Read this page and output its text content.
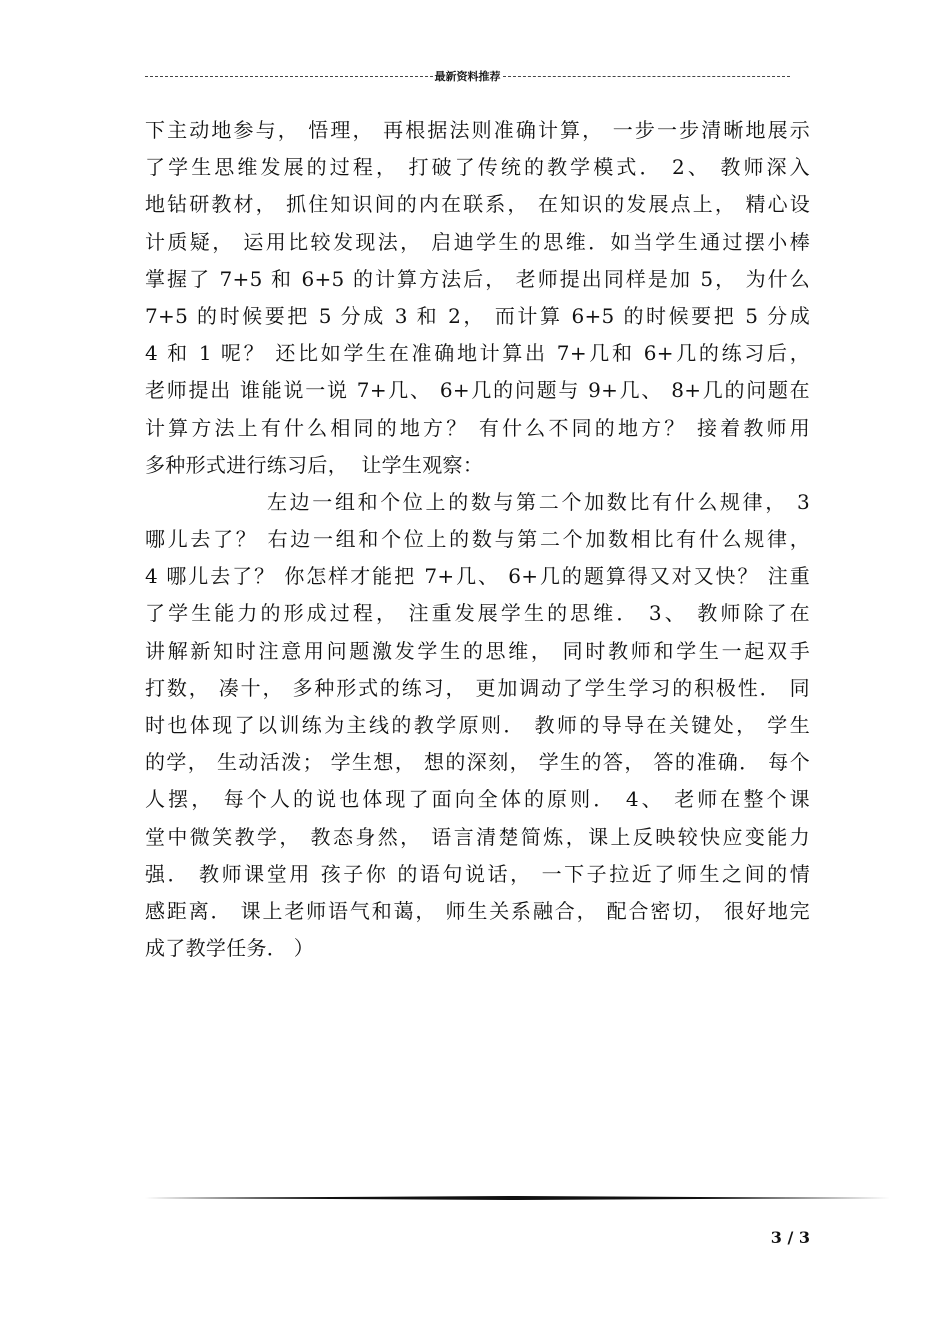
最新资料推荐
下主动地参与， 悟理， 再根据法则准确计算， 一步一步清晰地展示
了学生思维发展的过程， 打破了传统的教学模式． 2、 教师深入
地钻研教材， 抓住知识间的内在联系， 在知识的发展点上， 精心设
计质疑， 运用比较发现法， 启迪学生的思维．如当学生通过摆小棒
掌握了 7+5 和 6+5 的计算方法后， 老师提出同样是加 5， 为什么
7+5 的时候要把 5 分成 3 和 2， 而计算 6+5 的时候要把 5 分成
4 和 1 呢？ 还比如学生在准确地计算出 7+几和 6+几的练习后，
老师提出 谁能说一说 7+几、 6+几的问题与 9+几、 8+几的问题在
计算方法上有什么相同的地方？ 有什么不同的地方？ 接着教师用
多种形式进行练习后，  让学生观察：
左边一组和个位上的数与第二个加数比有什么规律， 3
哪儿去了？ 右边一组和个位上的数与第二个加数相比有什么规律，
4 哪儿去了？ 你怎样才能把 7+几、 6+几的题算得又对又快？ 注重
了学生能力的形成过程， 注重发展学生的思维． 3、 教师除了在
讲解新知时注意用问题激发学生的思维， 同时教师和学生一起双手
打数， 凑十， 多种形式的练习， 更加调动了学生学习的积极性． 同
时也体现了以训练为主线的教学原则． 教师的导导在关键处， 学生
的学， 生动活泼； 学生想， 想的深刻， 学生的答， 答的准确． 每个
人摆， 每个人的说也体现了面向全体的原则． 4、 老师在整个课
堂中微笑教学， 教态身然， 语言清楚简炼，课上反映较快应变能力
强． 教师课堂用 孩子你 的语句说话， 一下子拉近了师生之间的情
感距离． 课上老师语气和蔼， 师生关系融合， 配合密切， 很好地完
成了教学任务． ）
3 / 3
